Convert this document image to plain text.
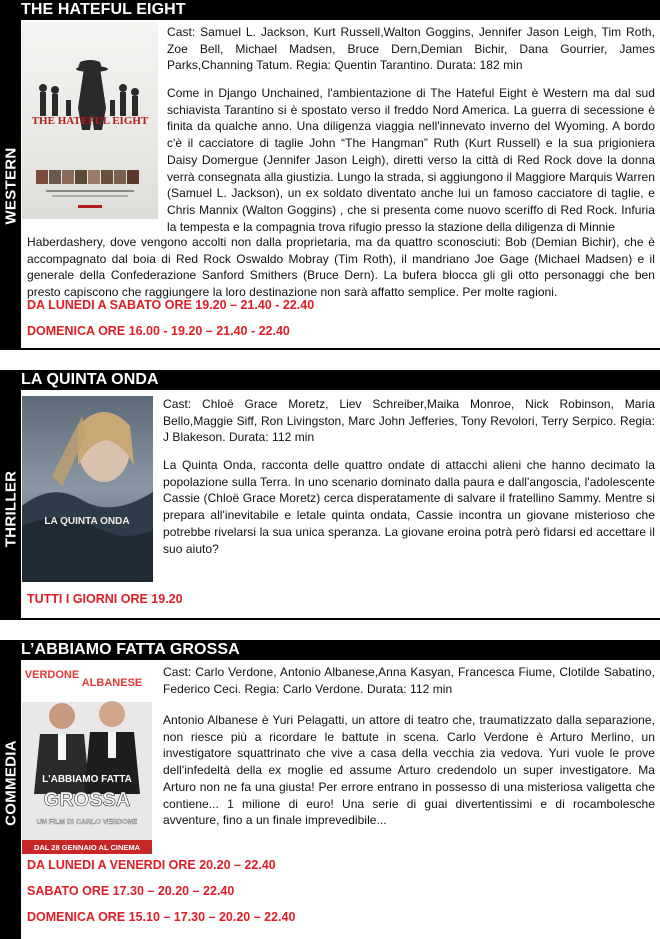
THE HATEFUL EIGHT
WESTERN
THE HATEFUL EIGHT
Cast: Samuel L. Jackson, Kurt Russell,Walton Goggins, Jennifer Jason Leigh, Tim Roth, Zoe Bell, Michael Madsen, Bruce Dern,Demian Bichir, Dana Gourrier, James Parks,Channing Tatum. Regia: Quentin Tarantino. Durata: 182 min
Come in Django Unchained, l'ambientazione di The Hateful Eight è Western ma dal sud schiavista Tarantino si è spostato verso il freddo Nord America. La guerra di secessione è finita da qualche anno. Una diligenza viaggia nell'innevato inverno del Wyoming. A bordo c'è il cacciatore di taglie John “The Hangman” Ruth (Kurt Russell) e la sua prigioniera Daisy Domergue (Jennifer Jason Leigh), diretti verso la città di Red Rock dove la donna verrà consegnata alla giustizia. Lungo la strada, si aggiungono il Maggiore Marquis Warren (Samuel L. Jackson), un ex soldato diventato anche lui un famoso cacciatore di taglie, e Chris Mannix (Walton Goggins) , che si presenta come nuovo sceriffo di Red Rock. Infuria la tempesta e la compagnia trova rifugio presso la stazione della diligenza di Minnie
Haberdashery, dove vengono accolti non dalla proprietaria, ma da quattro sconosciuti: Bob (Demian Bichir), che è accompagnato dal boia di Red Rock Oswaldo Mobray (Tim Roth), il mandriano Joe Gage (Michael Madsen) e il generale della Confederazione Sanford Smithers (Bruce Dern). La bufera blocca gli gli otto personaggi che ben presto capiscono che raggiungere la loro destinazione non sarà affatto semplice. Per molte ragioni.
DA LUNEDI A SABATO ORE 19.20 – 21.40 - 22.40
DOMENICA ORE 16.00 - 19.20 – 21.40 - 22.40
LA QUINTA ONDA
THRILLER	LA QUINTA ONDA
Cast: Chloë Grace Moretz, Liev Schreiber,Maika Monroe, Nick Robinson, Maria Bello,Maggie Siff, Ron Livingston, Marc John Jefferies, Tony Revolori, Terry Serpico. Regia: J Blakeson. Durata: 112 min
La Quinta Onda, racconta delle quattro ondate di attacchi alieni che hanno decimato la popolazione sulla Terra. In uno scenario dominato dalla paura e dall'angoscia, l'adolescente Cassie (Chloë Grace Moretz) cerca disperatamente di salvare il fratellino Sammy. Mentre si prepara all'inevitabile e letale quinta ondata, Cassie incontra un giovane misterioso che potrebbe rivelarsi la sua unica speranza. La giovane eroina potrà però fidarsi ed accettare il suo aiuto?
TUTTI I GIORNI ORE 19.20
L’ABBIAMO FATTA GROSSA
COMMEDIA
VERDONE
ALBANESE
L'ABBIAMO FATTA
GROSSA
UN FILM DI CARLO VERDONE
DAL 28 GENNAIO AL CINEMA
Cast: Carlo Verdone, Antonio Albanese,Anna Kasyan, Francesca Fiume, Clotilde Sabatino, Federico Ceci. Regia: Carlo Verdone. Durata: 112 min
Antonio Albanese è Yuri Pelagatti, un attore di teatro che, traumatizzato dalla separazione, non riesce più a ricordare le battute in scena. Carlo Verdone è Arturo Merlino, un investigatore squattrinato che vive a casa della vecchia zia vedova. Yuri vuole le prove dell'infedeltà della ex moglie ed assume Arturo credendolo un super investigatore. Ma Arturo non ne fa una giusta! Per errore entrano in possesso di una misteriosa valigetta che contiene... 1 milione di euro! Una serie di guai divertentissimi e di rocambolesche avventure, fino a un finale imprevedibile...
DA LUNEDI A VENERDI ORE 20.20 – 22.40
SABATO ORE 17.30 – 20.20 – 22.40
DOMENICA ORE 15.10 – 17.30 – 20.20 – 22.40
